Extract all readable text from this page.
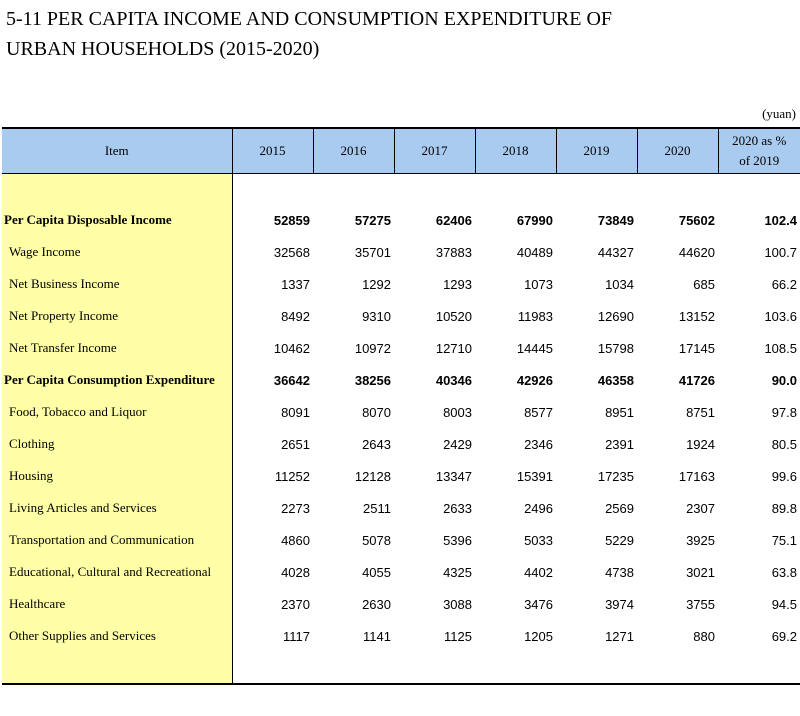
5-11 PER CAPITA INCOME AND CONSUMPTION EXPENDITURE OF
URBAN HOUSEHOLDS (2015-2020)
(yuan)
Item	2015	2016	2017	2018	2019	2020	2020 as %
of 2019

Per Capita Disposable Income	52859	57275	62406	67990	73849	75602	102.4
Wage Income	32568	35701	37883	40489	44327	44620	100.7
Net Business Income	1337	1292	1293	1073	1034	685	66.2
Net Property Income	8492	9310	10520	11983	12690	13152	103.6
Net Transfer Income	10462	10972	12710	14445	15798	17145	108.5
Per Capita Consumption Expenditure	36642	38256	40346	42926	46358	41726	90.0
Food, Tobacco and Liquor	8091	8070	8003	8577	8951	8751	97.8
Clothing	2651	2643	2429	2346	2391	1924	80.5
Housing	11252	12128	13347	15391	17235	17163	99.6
Living Articles and Services	2273	2511	2633	2496	2569	2307	89.8
Transportation and Communication	4860	5078	5396	5033	5229	3925	75.1
Educational, Cultural and Recreational	4028	4055	4325	4402	4738	3021	63.8
Healthcare	2370	2630	3088	3476	3974	3755	94.5
Other Supplies and Services	1117	1141	1125	1205	1271	880	69.2
